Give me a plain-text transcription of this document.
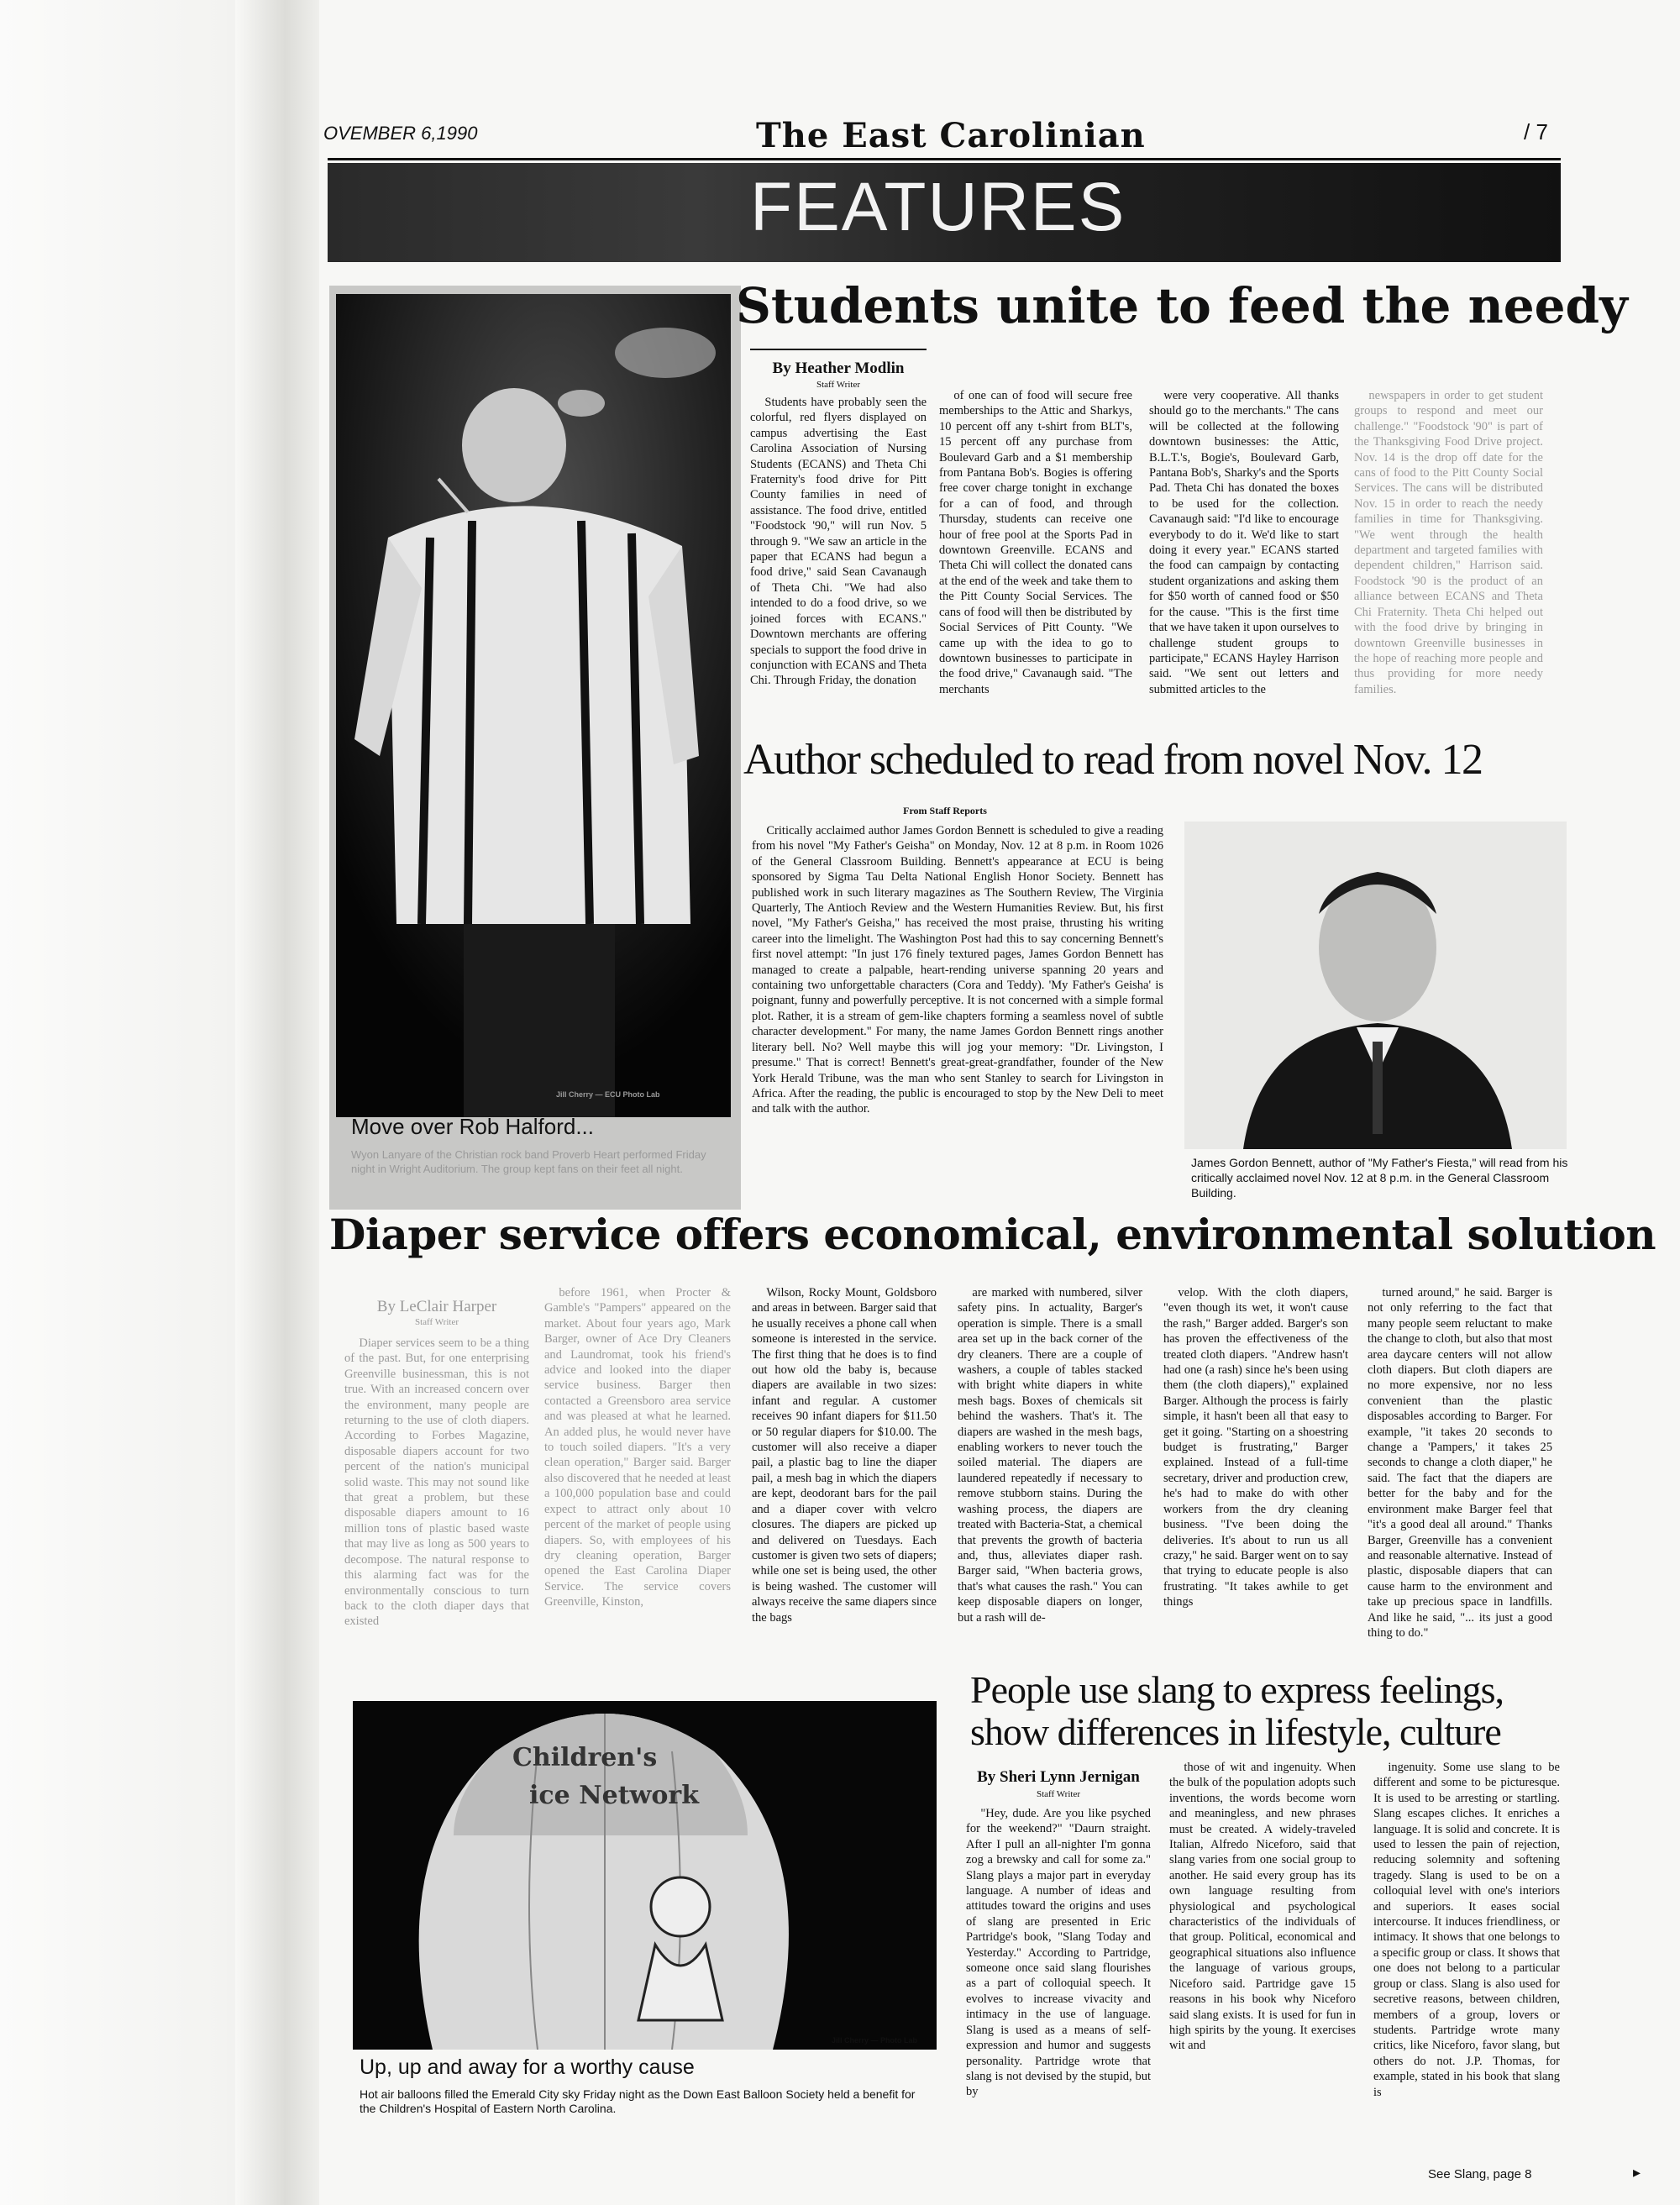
OVEMBER 6,1990	The East Carolinian	/ 7
FEATURES
Jill Cherry — ECU Photo Lab
Move over Rob Halford...
Wyon Lanyare of the Christian rock band Proverb Heart performed Friday night in Wright Auditorium. The group kept fans on their feet all night.
Students unite to feed the needy
By Heather Modlin
Staff Writer

Students have probably seen the colorful, red flyers displayed on campus advertising the East Carolina Association of Nursing Students (ECANS) and Theta Chi Fraternity's food drive for Pitt County families in need of assistance. The food drive, entitled "Foodstock '90," will run Nov. 5 through 9. "We saw an article in the paper that ECANS had begun a food drive," said Sean Cavanaugh of Theta Chi. "We had also intended to do a food drive, so we joined forces with ECANS." Downtown merchants are offering specials to support the food drive in conjunction with ECANS and Theta Chi. Through Friday, the donation

of one can of food will secure free memberships to the Attic and Sharkys, 10 percent off any t-shirt from BLT's, 15 percent off any purchase from Boulevard Garb and a $1 membership from Pantana Bob's. Bogies is offering free cover charge tonight in exchange for a can of food, and through Thursday, students can receive one hour of free pool at the Sports Pad in downtown Greenville. ECANS and Theta Chi will collect the donated cans at the end of the week and take them to the Pitt County Social Services. The cans of food will then be distributed by Social Services of Pitt County. "We came up with the idea to go to downtown businesses to participate in the food drive," Cavanaugh said. "The merchants

were very cooperative. All thanks should go to the merchants." The cans will be collected at the following downtown businesses: the Attic, B.L.T.'s, Bogie's, Boulevard Garb, Pantana Bob's, Sharky's and the Sports Pad. Theta Chi has donated the boxes to be used for the collection. Cavanaugh said: "I'd like to encourage everybody to do it. We'd like to start doing it every year." ECANS started the food can campaign by contacting student organizations and asking them for $50 worth of canned food or $50 for the cause. "This is the first time that we have taken it upon ourselves to challenge student groups to participate," ECANS Hayley Harrison said. "We sent out letters and submitted articles to the

newspapers in order to get student groups to respond and meet our challenge." "Foodstock '90" is part of the Thanksgiving Food Drive project. Nov. 14 is the drop off date for the cans of food to the Pitt County Social Services. The cans will be distributed Nov. 15 in order to reach the needy families in time for Thanksgiving. "We went through the health department and targeted families with dependent children," Harrison said. Foodstock '90 is the product of an alliance between ECANS and Theta Chi Fraternity. Theta Chi helped out with the food drive by bringing in downtown Greenville businesses in the hope of reaching more people and thus providing for more needy families.

Author scheduled to read from novel Nov. 12
From Staff Reports

Critically acclaimed author James Gordon Bennett is scheduled to give a reading from his novel "My Father's Geisha" on Monday, Nov. 12 at 8 p.m. in Room 1026 of the General Classroom Building. Bennett's appearance at ECU is being sponsored by Sigma Tau Delta National English Honor Society. Bennett has published work in such literary magazines as The Southern Review, The Virginia Quarterly, The Antioch Review and the Western Humanities Review. But, his first novel, "My Father's Geisha," has received the most praise, thrusting his writing career into the limelight. The Washington Post had this to say concerning Bennett's first novel attempt: "In just 176 finely textured pages, James Gordon Bennett has managed to create a palpable, heart-rending universe spanning 20 years and containing two unforgettable characters (Cora and Teddy). 'My Father's Geisha' is poignant, funny and powerfully perceptive. It is not concerned with a simple formal plot. Rather, it is a stream of gem-like chapters forming a seamless novel of subtle character development." For many, the name James Gordon Bennett rings another literary bell. No? Well maybe this will jog your memory: "Dr. Livingston, I presume." That is correct! Bennett's great-great-grandfather, founder of the New York Herald Tribune, was the man who sent Stanley to search for Livingston in Africa. After the reading, the public is encouraged to stop by the New Deli to meet and talk with the author.

James Gordon Bennett, author of "My Father's Fiesta," will read from his critically acclaimed novel Nov. 12 at 8 p.m. in the General Classroom Building.
Diaper service offers economical, environmental solution
By LeClair Harper
Staff Writer

Diaper services seem to be a thing of the past. But, for one enterprising Greenville businessman, this is not true. With an increased concern over the environment, many people are returning to the use of cloth diapers. According to Forbes Magazine, disposable diapers account for two percent of the nation's municipal solid waste. This may not sound like that great a problem, but these disposable diapers amount to 16 million tons of plastic based waste that may live as long as 500 years to decompose. The natural response to this alarming fact was for the environmentally conscious to turn back to the cloth diaper days that existed

before 1961, when Procter & Gamble's "Pampers" appeared on the market. About four years ago, Mark Barger, owner of Ace Dry Cleaners and Laundromat, took his friend's advice and looked into the diaper service business. Barger then contacted a Greensboro area service and was pleased at what he learned. An added plus, he would never have to touch soiled diapers. "It's a very clean operation," Barger said. Barger also discovered that he needed at least a 100,000 population base and could expect to attract only about 10 percent of the market of people using diapers. So, with employees of his dry cleaning operation, Barger opened the East Carolina Diaper Service. The service covers Greenville, Kinston,

Wilson, Rocky Mount, Goldsboro and areas in between. Barger said that he usually receives a phone call when someone is interested in the service. The first thing that he does is to find out how old the baby is, because diapers are available in two sizes: infant and regular. A customer receives 90 infant diapers for $11.50 or 50 regular diapers for $10.00. The customer will also receive a diaper pail, a plastic bag to line the diaper pail, a mesh bag in which the diapers are kept, deodorant bars for the pail and a diaper cover with velcro closures. The diapers are picked up and delivered on Tuesdays. Each customer is given two sets of diapers; while one set is being used, the other is being washed. The customer will always receive the same diapers since the bags

are marked with numbered, silver safety pins. In actuality, Barger's operation is simple. There is a small area set up in the back corner of the dry cleaners. There are a couple of washers, a couple of tables stacked with bright white diapers in white mesh bags. Boxes of chemicals sit behind the washers. That's it. The diapers are washed in the mesh bags, enabling workers to never touch the soiled material. The diapers are laundered repeatedly if necessary to remove stubborn stains. During the washing process, the diapers are treated with Bacteria-Stat, a chemical that prevents the growth of bacteria and, thus, alleviates diaper rash. Barger said, "When bacteria grows, that's what causes the rash." You can keep disposable diapers on longer, but a rash will de-

velop. With the cloth diapers, "even though its wet, it won't cause the rash," Barger added. Barger's son has proven the effectiveness of the treated cloth diapers. "Andrew hasn't had one (a rash) since he's been using them (the cloth diapers)," explained Barger. Although the process is fairly simple, it hasn't been all that easy to get it going. "Starting on a shoestring budget is frustrating," Barger explained. Instead of a full-time secretary, driver and production crew, he's had to make do with other workers from the dry cleaning business. "I've been doing the deliveries. It's about to run us all crazy," he said. Barger went on to say that trying to educate people is also frustrating. "It takes awhile to get things

turned around," he said. Barger is not only referring to the fact that many people seem reluctant to make the change to cloth, but also that most area daycare centers will not allow cloth diapers. But cloth diapers are no more expensive, nor no less convenient than the plastic disposables according to Barger. For example, "it takes 20 seconds to change a 'Pampers,' it takes 25 seconds to change a cloth diaper," he said. The fact that the diapers are better for the baby and for the environment make Barger feel that "it's a good deal all around." Thanks Barger, Greenville has a convenient and reasonable alternative. Instead of plastic, disposable diapers that can cause harm to the environment and take up precious space in landfills. And like he said, "... its just a good thing to do."

Children's
ice Network
Jill Cherry — Photo Lab
Up, up and away for a worthy cause
Hot air balloons filled the Emerald City sky Friday night as the Down East Balloon Society held a benefit for the Children's Hospital of Eastern North Carolina.
People use slang to express feelings,
show differences in lifestyle, culture
By Sheri Lynn Jernigan
Staff Writer

"Hey, dude. Are you like psyched for the weekend?" "Daurn straight. After I pull an all-nighter I'm gonna zog a brewsky and call for some za." Slang plays a major part in everyday language. A number of ideas and attitudes toward the origins and uses of slang are presented in Eric Partridge's book, "Slang Today and Yesterday." According to Partridge, someone once said slang flourishes as a part of colloquial speech. It evolves to increase vivacity and intimacy in the use of language. Slang is used as a means of self-expression and humor and suggests personality. Partridge wrote that slang is not devised by the stupid, but by

those of wit and ingenuity. When the bulk of the population adopts such inventions, the words become worn and meaningless, and new phrases must be created. A widely-traveled Italian, Alfredo Niceforo, said that slang varies from one social group to another. He said every group has its own language resulting from physiological and psychological characteristics of the individuals of that group. Political, economical and geographical situations also influence the language of various groups, Niceforo said. Partridge gave 15 reasons in his book why Niceforo said slang exists. It is used for fun in high spirits by the young. It exercises wit and

ingenuity. Some use slang to be different and some to be picturesque. It is used to be arresting or startling. Slang escapes cliches. It enriches a language. It is solid and concrete. It is used to lessen the pain of rejection, reducing solemnity and softening tragedy. Slang is used to be on a colloquial level with one's interiors and superiors. It eases social intercourse. It induces friendliness, or intimacy. It shows that one belongs to a specific group or class. It shows that one does not belong to a particular group or class. Slang is also used for secretive reasons, between children, members of a group, lovers or students. Partridge wrote many critics, like Niceforo, favor slang, but others do not. J.P. Thomas, for example, stated in his book that slang is

See Slang, page 8	▸
